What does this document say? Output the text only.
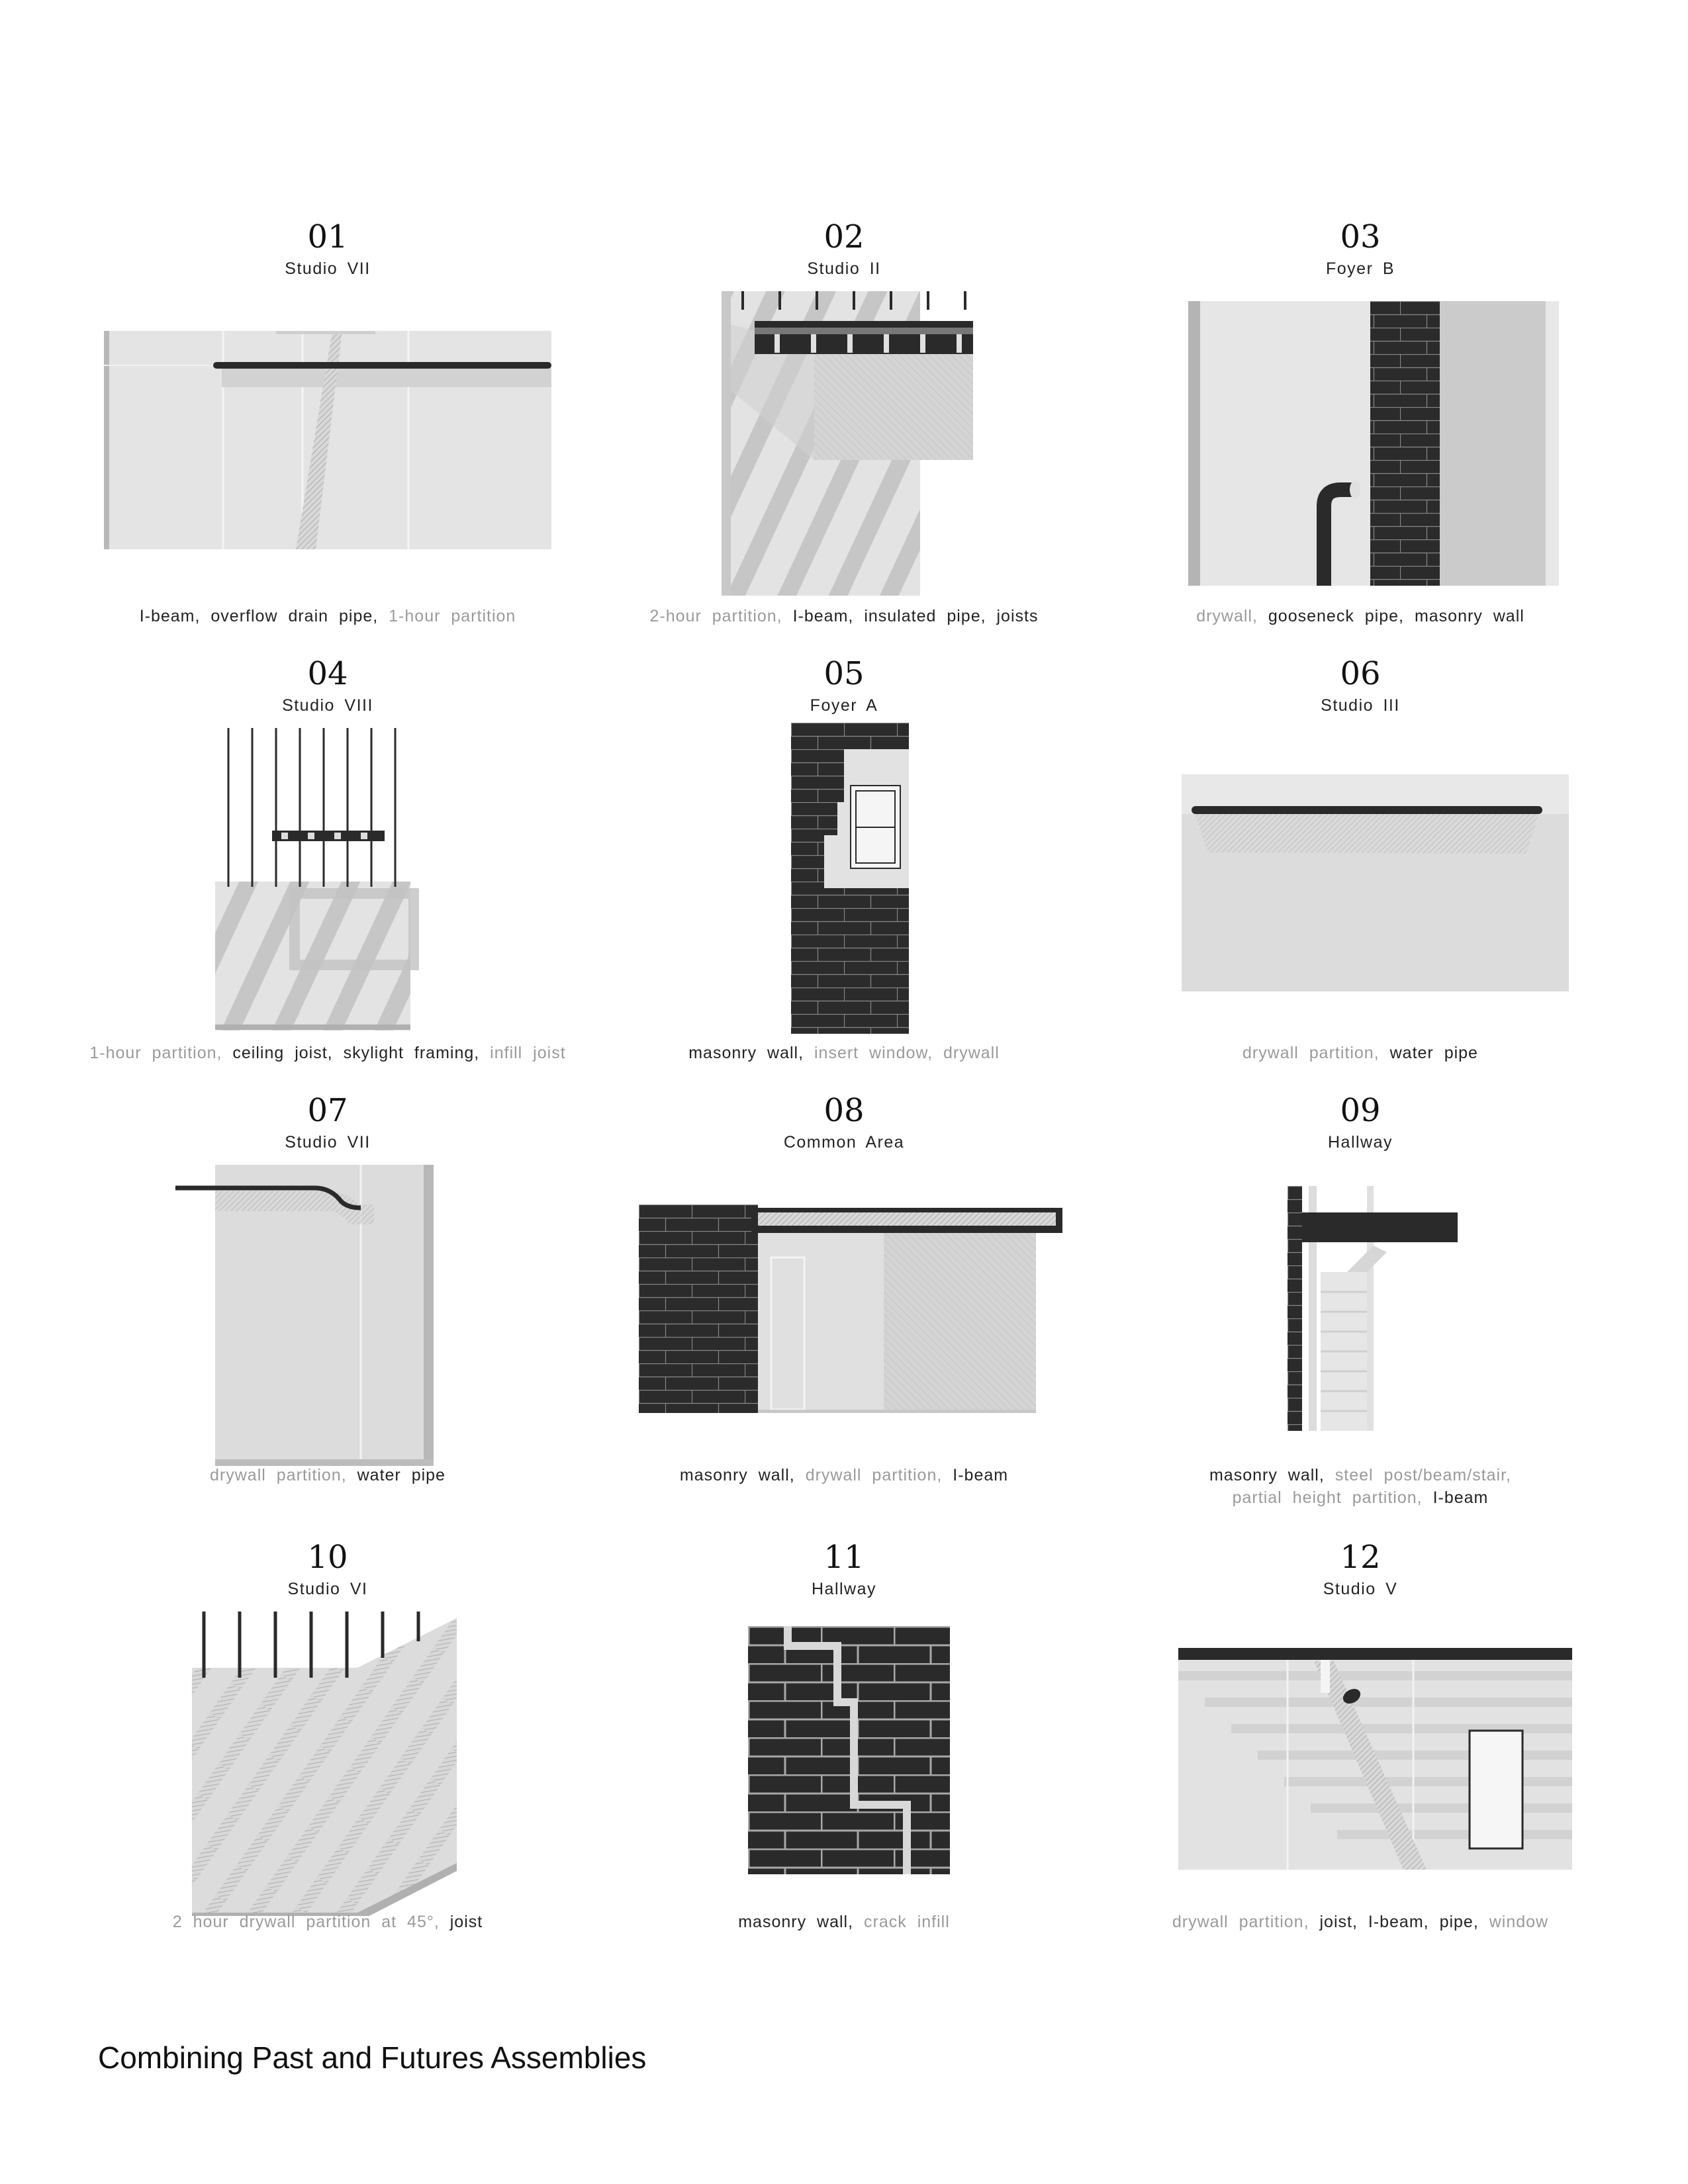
01
Studio VII
I-beam, overflow drain pipe, 1-hour partition
02
Studio II
2-hour partition, I-beam, insulated pipe, joists
03
Foyer B
drywall, gooseneck pipe, masonry wall
04
Studio VIII
1-hour partition, ceiling joist, skylight framing, infill joist
05
Foyer A
masonry wall, insert window, drywall
06
Studio III
drywall partition, water pipe
07
Studio VII
drywall partition, water pipe
08
Common Area
masonry wall, drywall partition, I-beam
09
Hallway
masonry wall, steel post/beam/stair,
partial height partition, I-beam
10
Studio VI
2 hour drywall partition at 45°, joist
11
Hallway
masonry wall, crack infill
12
Studio V
drywall partition, joist, I-beam, pipe, window
Combining Past and Futures Assemblies
